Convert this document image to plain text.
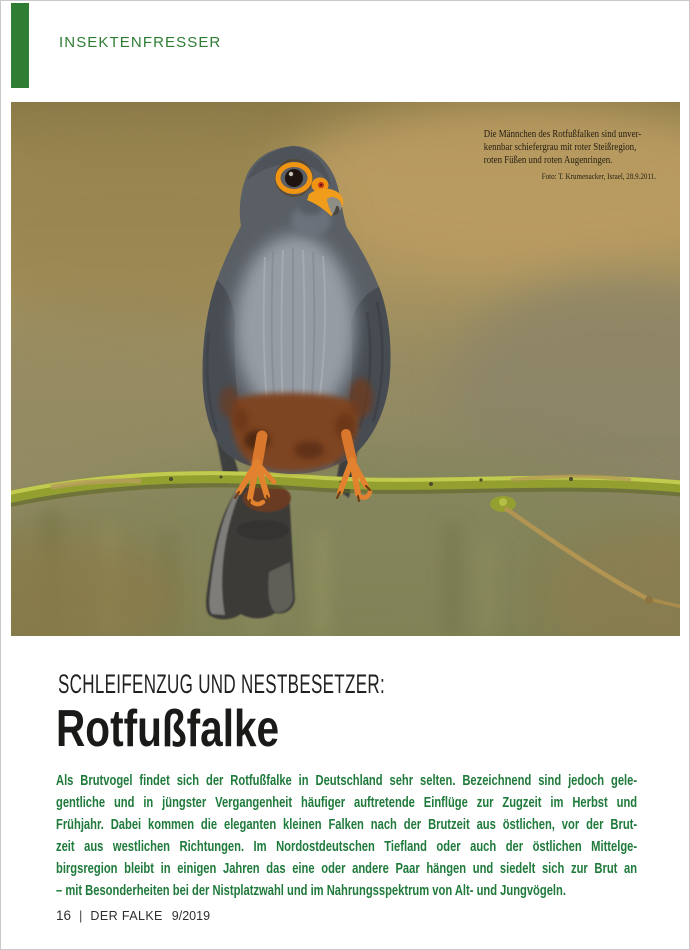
INSEKTENFRESSER
Die Männchen des Rotfußfalken sind unver-
kennbar schiefergrau mit roter Steißregion,
roten Füßen und roten Augenringen.
Foto: T. Krumenacker, Israel, 28.9.2011.
SCHLEIFENZUG UND NESTBESETZER:
Rotfußfalke
Als Brutvogel findet sich der Rotfußfalke in Deutschland sehr selten. Bezeichnend sind jedoch gele-
gentliche und in jüngster Vergangenheit häufiger auftretende Einflüge zur Zugzeit im Herbst und
Frühjahr. Dabei kommen die eleganten kleinen Falken nach der Brutzeit aus östlichen, vor der Brut-
zeit aus westlichen Richtungen. Im Nordostdeutschen Tiefland oder auch der östlichen Mittelge-
birgsregion bleibt in einigen Jahren das eine oder andere Paar hängen und siedelt sich zur Brut an
– mit Besonderheiten bei der Nistplatzwahl und im Nahrungsspektrum von Alt- und Jungvögeln.
16 | DER FALKE 9/2019
